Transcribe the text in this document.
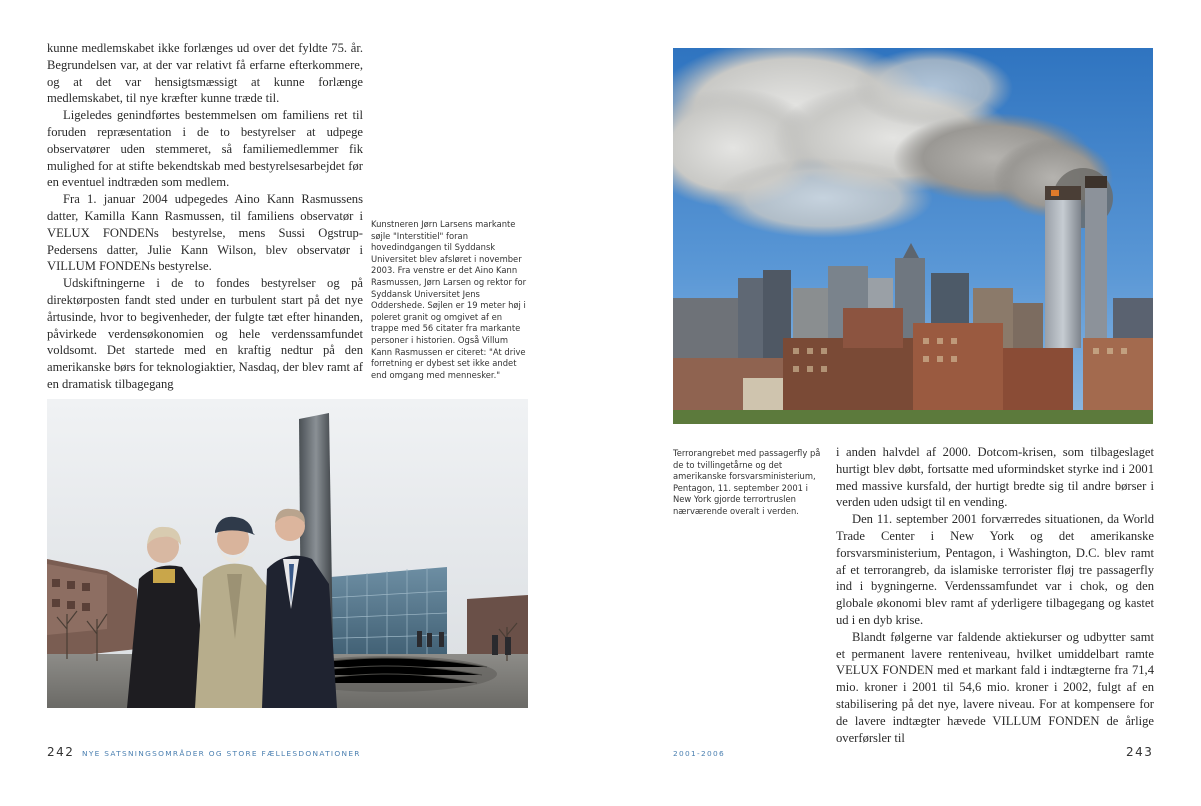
kunne medlemskabet ikke forlænges ud over det fyldte 75. år. Begrundelsen var, at der var relativt få erfarne efterkommere, og at det var hensigtsmæssigt at kunne forlænge medlemskabet, til nye kræfter kunne træde til.

Ligeledes genindførtes bestemmelsen om familiens ret til foruden repræsentation i de to bestyrelser at udpege observatører uden stemmeret, så familiemedlemmer fik mulighed for at stifte bekendtskab med bestyrelsesarbejdet før en eventuel indtræden som medlem.

Fra 1. januar 2004 udpegedes Aino Kann Rasmussens datter, Kamilla Kann Rasmussen, til familiens observatør i VELUX FONDENs bestyrelse, mens Sussi Ogstrup-Pedersens datter, Julie Kann Wilson, blev observatør i VILLUM FONDENs bestyrelse.

Udskiftningerne i de to fondes bestyrelser og på direktørposten fandt sted under en turbulent start på det nye årtusinde, hvor to begivenheder, der fulgte tæt efter hinanden, påvirkede verdensøkonomien og hele verdenssamfundet voldsomt. Det startede med en kraftig nedtur på den amerikanske børs for teknologiaktier, Nasdaq, der blev ramt af en dramatisk tilbagegang

Kunstneren Jørn Larsens markante søjle "Interstitiel" foran hovedindgangen til Syddansk Universitet blev afsløret i november 2003. Fra venstre er det Aino Kann Rasmussen, Jørn Larsen og rektor for Syddansk Universitet Jens Oddershede. Søjlen er 19 meter høj i poleret granit og omgivet af en trappe med 56 citater fra markante personer i historien. Også Villum Kann Rasmussen er citeret: "At drive forretning er dybest set ikke andet end omgang med mennesker."
242 NYE SATSNINGSOMRÅDER OG STORE FÆLLESDONATIONER
Terrorangrebet med passagerfly på de to tvillingetårne og det amerikanske forsvarsministerium, Pentagon, 11. september 2001 i New York gjorde terrortruslen nærværende overalt i verden.

i anden halvdel af 2000. Dotcom-krisen, som tilbageslaget hurtigt blev døbt, fortsatte med uformindsket styrke ind i 2001 med massive kursfald, der hurtigt bredte sig til andre børser i verden uden udsigt til en vending.

Den 11. september 2001 forværredes situationen, da World Trade Center i New York og det amerikanske forsvarsministerium, Pentagon, i Washington, D.C. blev ramt af et terrorangreb, da islamiske terrorister fløj tre passagerfly ind i bygningerne. Verdenssamfundet var i chok, og den globale økonomi blev ramt af yderligere tilbagegang og kastet ud i en dyb krise.

Blandt følgerne var faldende aktiekurser og udbytter samt et permanent lavere renteniveau, hvilket umiddelbart ramte VELUX FONDEN med et markant fald i indtægterne fra 71,4 mio. kroner i 2001 til 54,6 mio. kroner i 2002, fulgt af en stabilisering på det nye, lavere niveau. For at kompensere for de lavere indtægter hævede VILLUM FONDEN de årlige overførsler til

2001-2006	243
